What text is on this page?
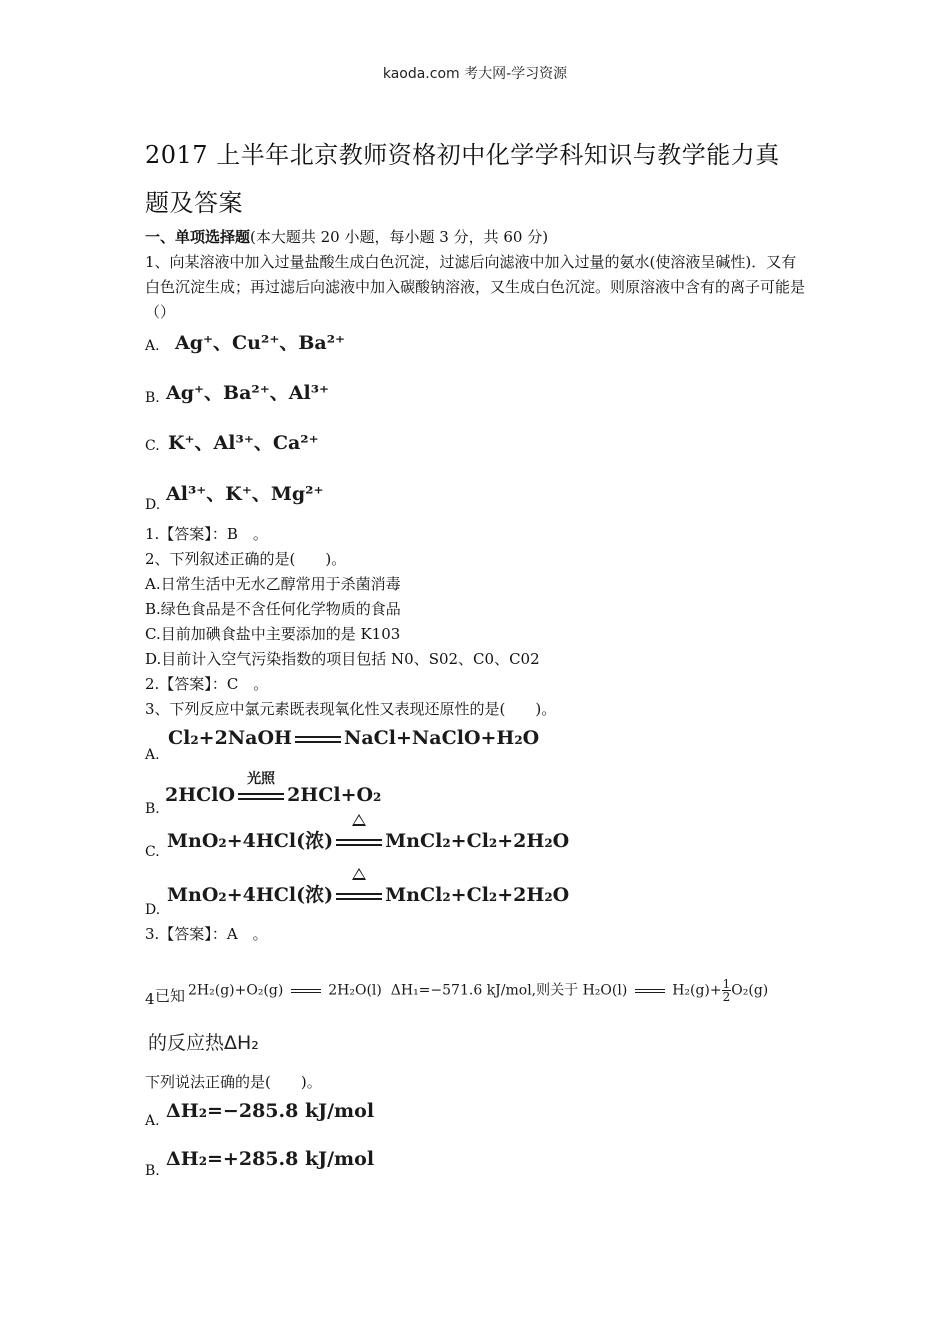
kaoda.com 考大网-学习资源
2017 上半年北京教师资格初中化学学科知识与教学能力真
题及答案
一、单项选择题(本大题共 20 小题，每小题 3 分，共 60 分)
1、向某溶液中加入过量盐酸生成白色沉淀，过滤后向滤液中加入过量的氨水(使溶液呈碱性)．又有白色沉淀生成；再过滤后向滤液中加入碳酸钠溶液，又生成白色沉淀。则原溶液中含有的离子可能是（）
A. Ag⁺、Cu²⁺、Ba²⁺
B. Ag⁺、Ba²⁺、Al³⁺
C. K⁺、Al³⁺、Ca²⁺
D. Al³⁺、K⁺、Mg²⁺
1.【答案】：B　。
2、下列叙述正确的是(　　)。
A.日常生活中无水乙醇常用于杀菌消毒
B.绿色食品是不含任何化学物质的食品
C.目前加碘食盐中主要添加的是 K103
D.目前计入空气污染指数的项目包括 N0、S02、C0、C02
2.【答案】：C　。
3、下列反应中氯元素既表现氧化性又表现还原性的是(　　)。
A.
Cl₂+2NaOH	NaCl+NaClO+H₂O
B.
2HClO
光照
2HCl+O₂
C. MnO₂+4HCl(浓)	MnCl₂+Cl₂+2H₂O
D.
MnO₂+4HCl(浓)	MnCl₂+Cl₂+2H₂O
3.【答案】：A　。
4 已知 2H₂(g)+O₂(g)	2H₂O(l) ΔH₁=−571.6 kJ/mol,则关于 H₂O(l)	$H_2(g)+ \frac{1}{2} O_2(g)$
的反应热ΔH₂
下列说法正确的是(　　)。
A. ΔH₂=−285.8 kJ/mol
B.
ΔH₂=+285.8 kJ/mol
